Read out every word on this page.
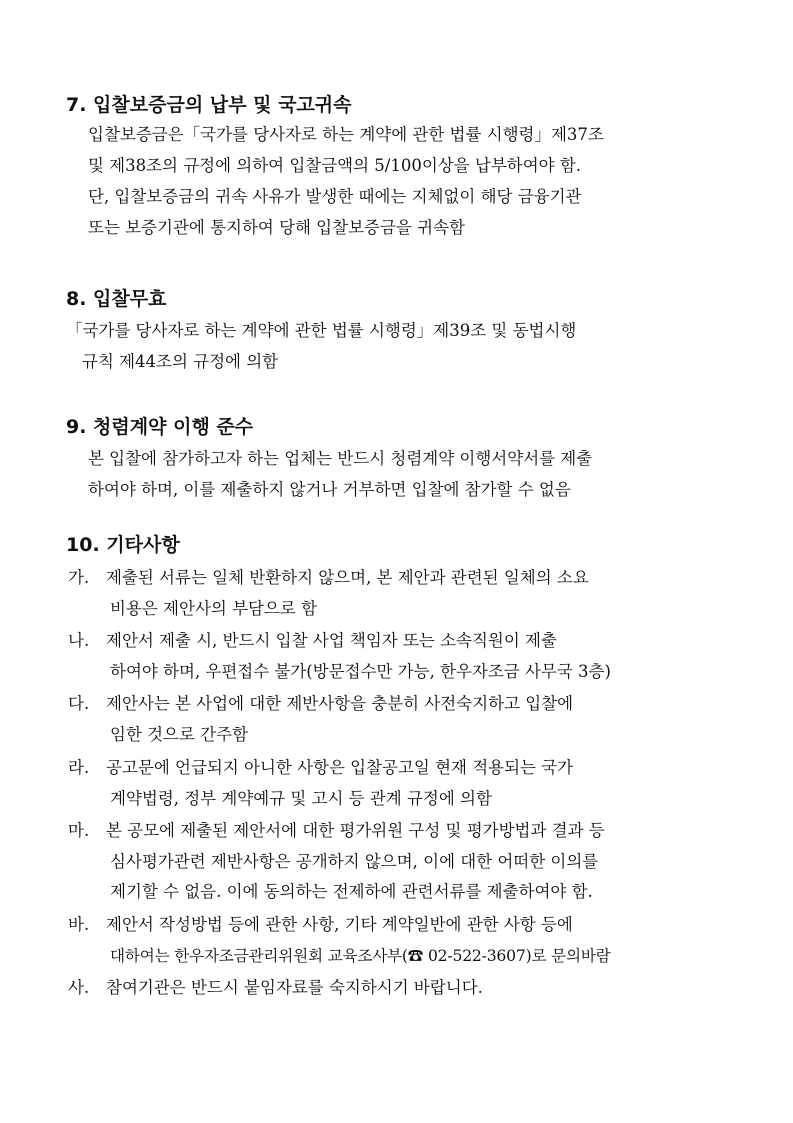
7. 입찰보증금의 납부 및 국고귀속
입찰보증금은「국가를 당사자로 하는 계약에 관한 법률 시행령」제37조
및 제38조의 규정에 의하여 입찰금액의 5/100이상을 납부하여야 함.
단, 입찰보증금의 귀속 사유가 발생한 때에는 지체없이 해당 금융기관
또는 보증기관에 통지하여 당해 입찰보증금을 귀속함
8. 입찰무효
「국가를 당사자로 하는 계약에 관한 법률 시행령」제39조 및 동법시행
규칙 제44조의 규정에 의함
9. 청렴계약 이행 준수
본 입찰에 참가하고자 하는 업체는 반드시 청렴계약 이행서약서를 제출
하여야 하며, 이를 제출하지 않거나 거부하면 입찰에 참가할 수 없음
10. 기타사항
가. 제출된 서류는 일체 반환하지 않으며, 본 제안과 관련된 일체의 소요
비용은 제안사의 부담으로 함
나. 제안서 제출 시, 반드시 입찰 사업 책임자 또는 소속직원이 제출
하여야 하며, 우편접수 불가(방문접수만 가능, 한우자조금 사무국 3층)
다. 제안사는 본 사업에 대한 제반사항을 충분히 사전숙지하고 입찰에
임한 것으로 간주함
라. 공고문에 언급되지 아니한 사항은 입찰공고일 현재 적용되는 국가
계약법령, 정부 계약예규 및 고시 등 관계 규정에 의함
마. 본 공모에 제출된 제안서에 대한 평가위원 구성 및 평가방법과 결과 등
심사평가관련 제반사항은 공개하지 않으며, 이에 대한 어떠한 이의를
제기할 수 없음. 이에 동의하는 전제하에 관련서류를 제출하여야 함.
바. 제안서 작성방법 등에 관한 사항, 기타 계약일반에 관한 사항 등에
대하여는 한우자조금관리위원회 교육조사부(☎ 02-522-3607)로 문의바람
사. 참여기관은 반드시 붙임자료를 숙지하시기 바랍니다.
